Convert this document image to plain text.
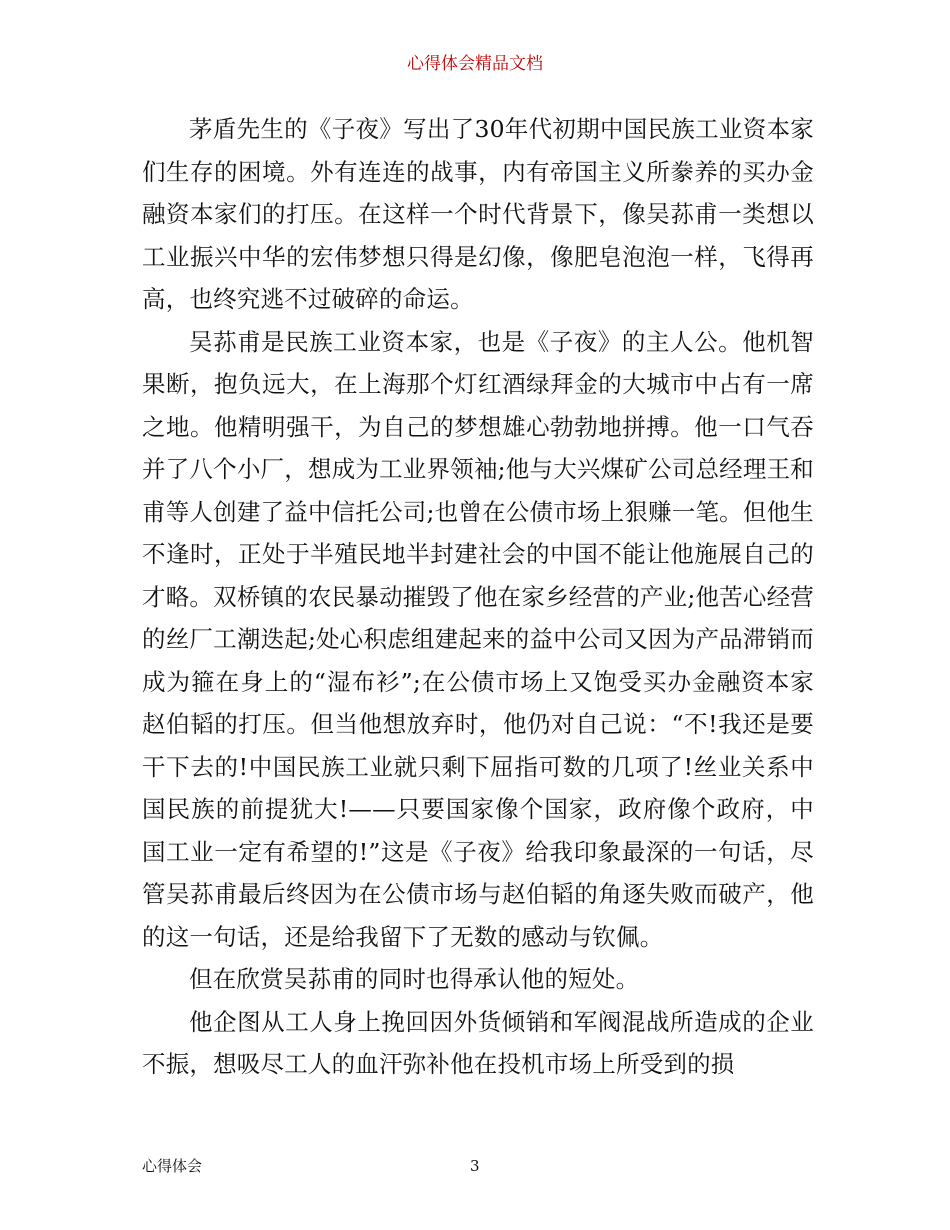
心得体会精品文档

茅盾先生的《子夜》写出了30年代初期中国民族工业资本家们生存的困境。外有连连的战事，内有帝国主义所豢养的买办金融资本家们的打压。在这样一个时代背景下，像吴荪甫一类想以工业振兴中华的宏伟梦想只得是幻像，像肥皂泡泡一样，飞得再高，也终究逃不过破碎的命运。

吴荪甫是民族工业资本家，也是《子夜》的主人公。他机智果断，抱负远大，在上海那个灯红酒绿拜金的大城市中占有一席之地。他精明强干，为自己的梦想雄心勃勃地拼搏。他一口气吞并了八个小厂，想成为工业界领袖;他与大兴煤矿公司总经理王和甫等人创建了益中信托公司;也曾在公债市场上狠赚一笔。但他生不逢时，正处于半殖民地半封建社会的中国不能让他施展自己的才略。双桥镇的农民暴动摧毁了他在家乡经营的产业;他苦心经营的丝厂工潮迭起;处心积虑组建起来的益中公司又因为产品滞销而成为箍在身上的“湿布衫”;在公债市场上又饱受买办金融资本家赵伯韬的打压。但当他想放弃时，他仍对自己说：“不!我还是要干下去的!中国民族工业就只剩下屈指可数的几项了!丝业关系中国民族的前提犹大!——只要国家像个国家，政府像个政府，中国工业一定有希望的!”这是《子夜》给我印象最深的一句话，尽管吴荪甫最后终因为在公债市场与赵伯韬的角逐失败而破产，他的这一句话，还是给我留下了无数的感动与钦佩。

但在欣赏吴荪甫的同时也得承认他的短处。

他企图从工人身上挽回因外货倾销和军阀混战所造成的企业不振，想吸尽工人的血汗弥补他在投机市场上所受到的损

心得体会	3
